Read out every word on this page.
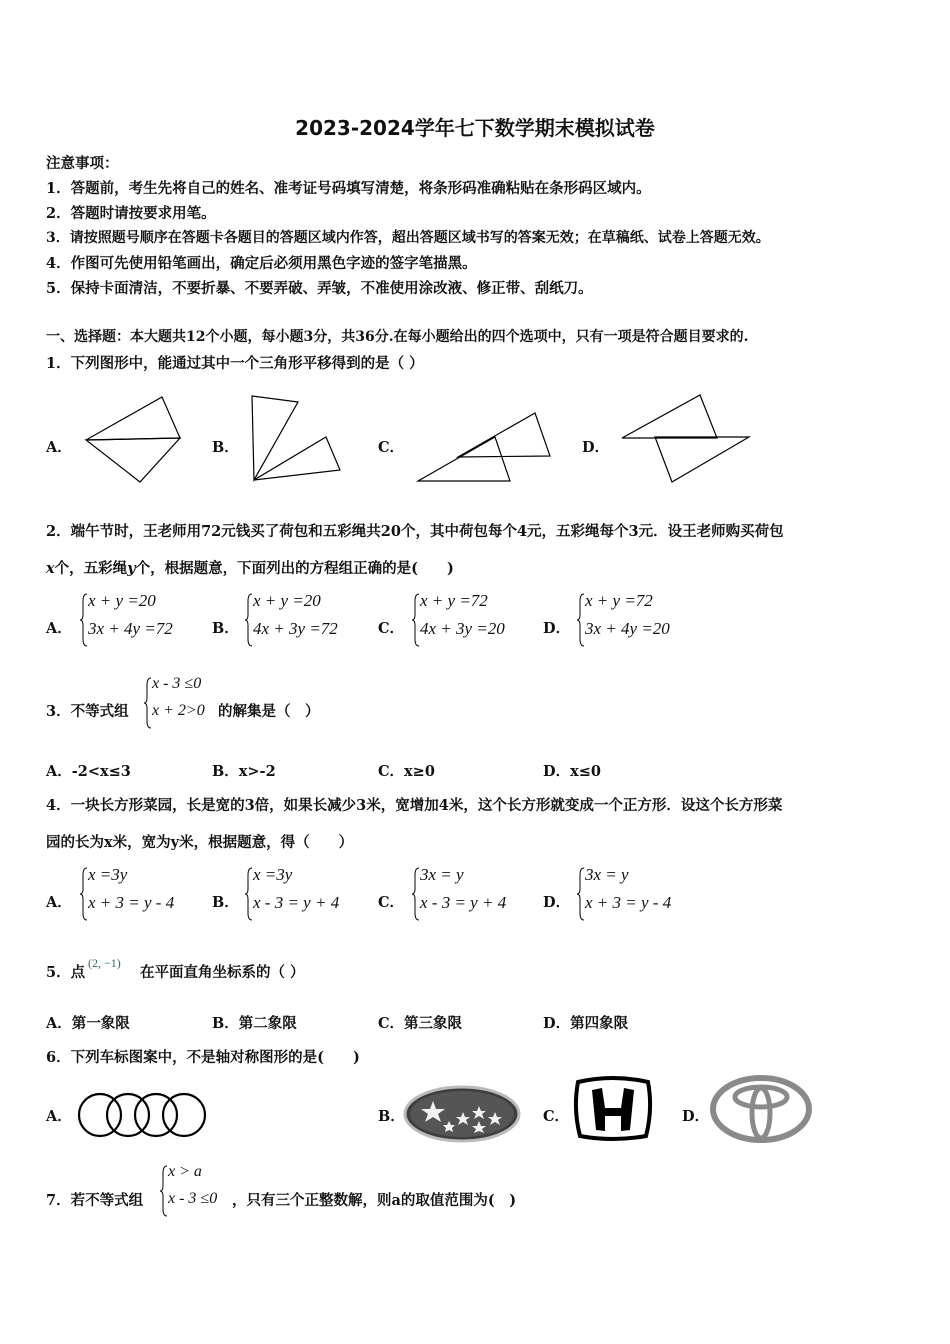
2023-2024学年七下数学期末模拟试卷
注意事项：
1．答题前，考生先将自己的姓名、准考证号码填写清楚，将条形码准确粘贴在条形码区域内。
2．答题时请按要求用笔。
3．请按照题号顺序在答题卡各题目的答题区域内作答，超出答题区域书写的答案无效；在草稿纸、试卷上答题无效。
4．作图可先使用铅笔画出，确定后必须用黑色字迹的签字笔描黑。
5．保持卡面清洁，不要折暴、不要弄破、弄皱，不准使用涂改液、修正带、刮纸刀。
一、选择题：本大题共12个小题，每小题3分，共36分.在每小题给出的四个选项中，只有一项是符合题目要求的.
1．下列图形中，能通过其中一个三角形平移得到的是（ ）
A．	B．	C．	D．
2．端午节时，王老师用72元钱买了荷包和五彩绳共20个，其中荷包每个4元，五彩绳每个3元．设王老师购买荷包
x个，五彩绳y个，根据题意，下面列出的方程组正确的是(　　)
A．
x + y =20
3x + 4y =72	B．
x + y =20
4x + 3y =72	C．
x + y =72
4x + 3y =20	D．
x + y =72
3x + 4y =20
3．不等式组
x - 3 ≤0
x + 2>0 的解集是（　）
A．-2<x≤3	B．x>-2	C．x≥0	D．x≤0
4．一块长方形菜园，长是宽的3倍，如果长减少3米，宽增加4米，这个长方形就变成一个正方形．设这个长方形菜
园的长为x米，宽为y米，根据题意，得（　　）
A．
x =3y
x + 3 = y - 4	B．
x =3y
x - 3 = y + 4	C．
3x = y
x - 3 = y + 4	D．
3x = y
x + 3 = y - 4
5．点
(2, −1)
在平面直角坐标系的（ ）
A．第一象限	B．第二象限	C．第三象限	D．第四象限
6．下列车标图案中，不是轴对称图形的是(　　)
A．	B．	C．	D．
7．若不等式组
x > a
x - 3 ≤0 ，只有三个正整数解，则a的取值范围为(　)
